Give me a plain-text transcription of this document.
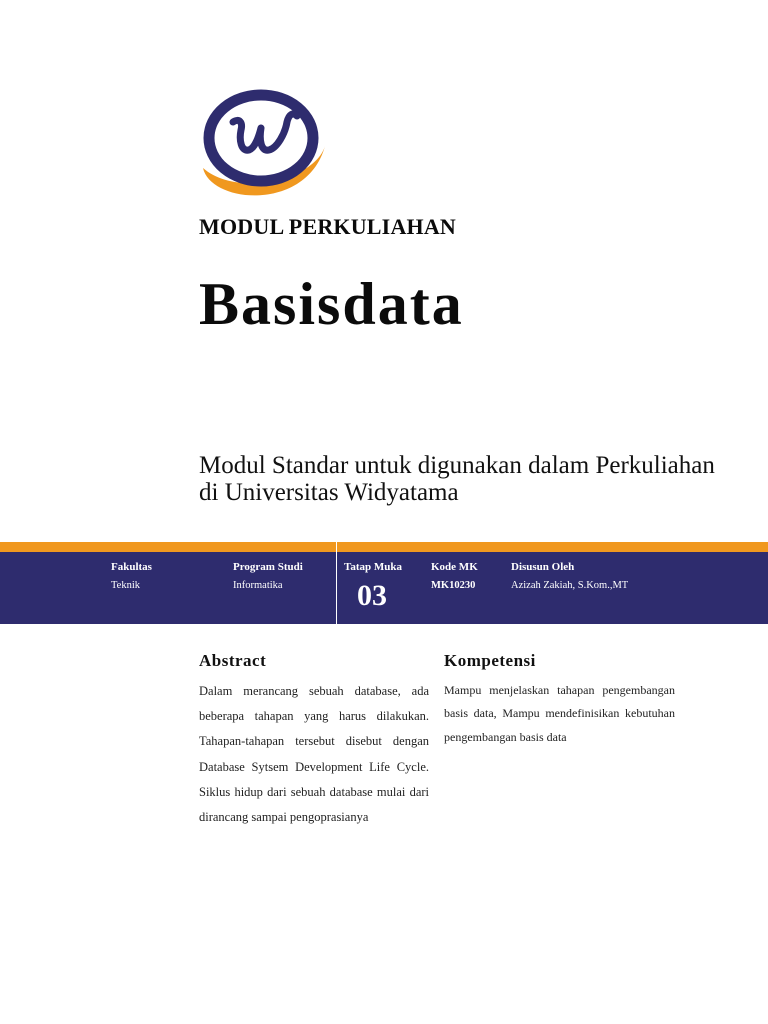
MODUL PERKULIAHAN
Basisdata
Modul Standar untuk digunakan dalam Perkuliahan di Universitas Widyatama
Fakultas
Teknik
Program Studi
Informatika
Tatap Muka
03
Kode MK
MK10230
Disusun Oleh
Azizah Zakiah, S.Kom.,MT
Abstract
Dalam merancang sebuah database, ada beberapa tahapan yang harus dilakukan. Tahapan-tahapan tersebut disebut dengan Database Sytsem Development Life Cycle. Siklus hidup dari sebuah database mulai dari dirancang sampai pengoprasianya
Kompetensi
Mampu menjelaskan tahapan pengembangan basis data, Mampu mendefinisikan kebutuhan pengembangan basis data
